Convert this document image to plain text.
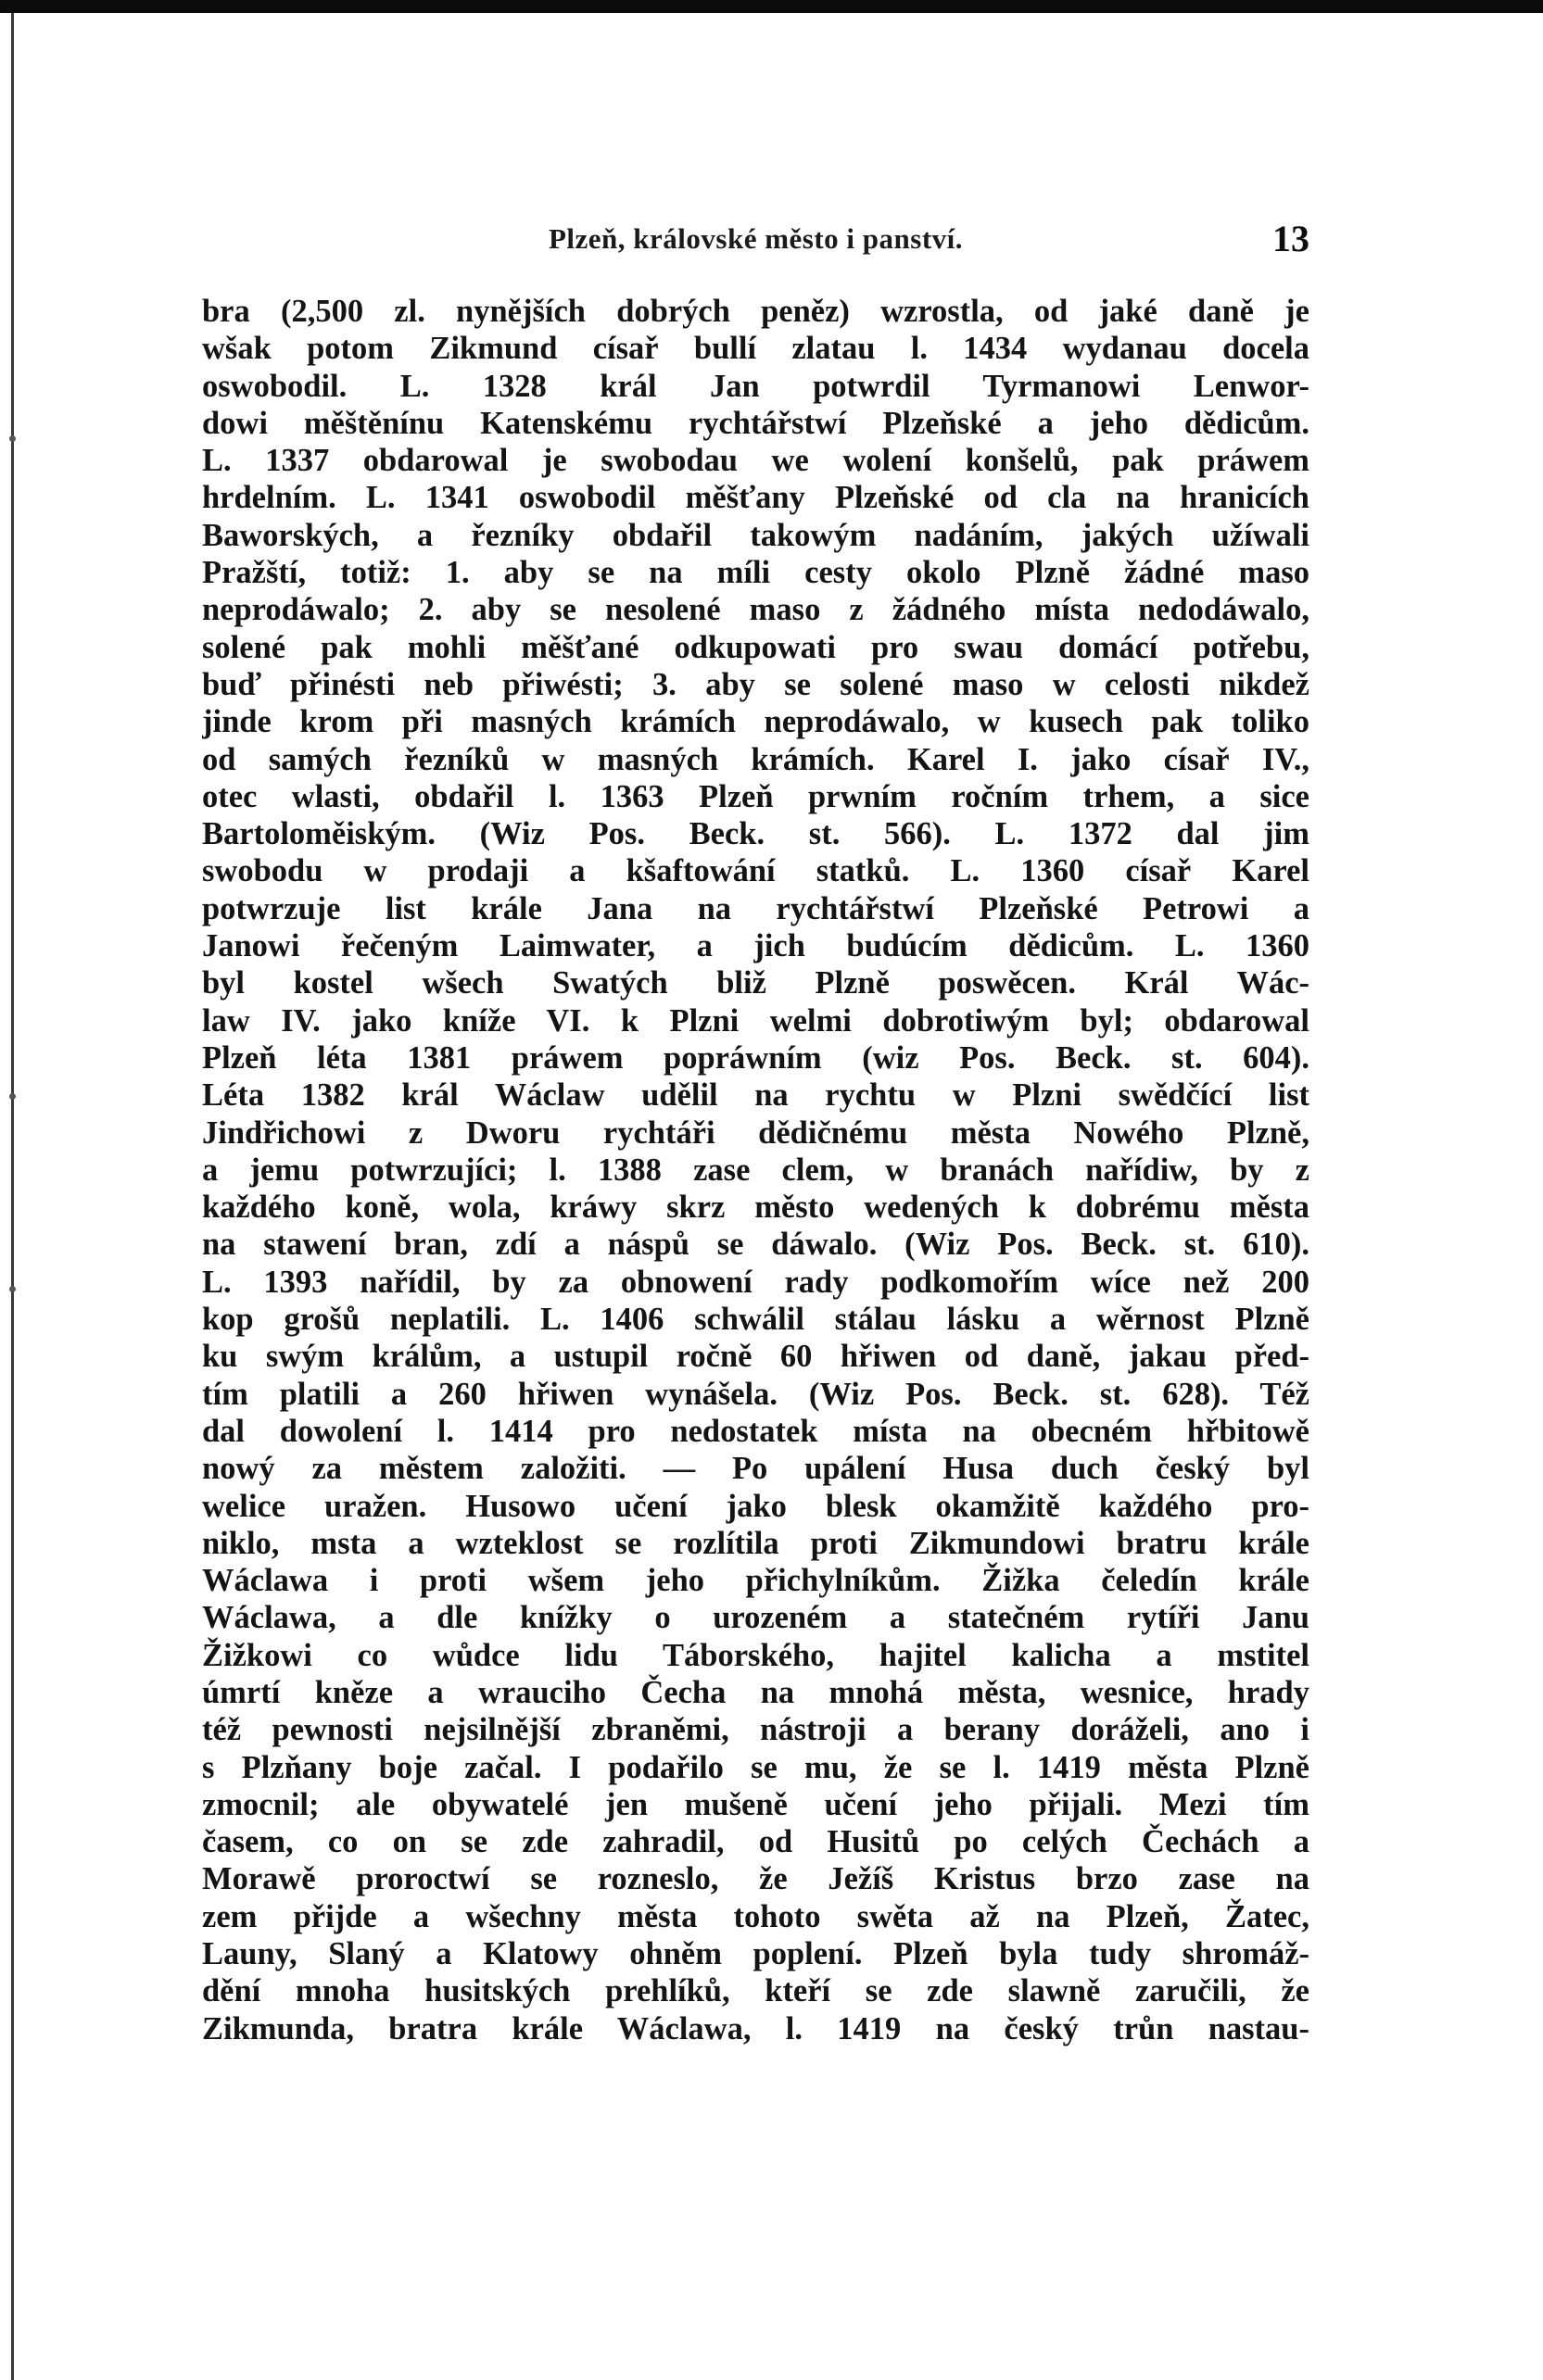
Plzeň, královské město i panství.	13
bra (2,500 zl. nynějších dobrých peněz) wzrostla, od jaké daně je
wšak potom Zikmund císař bullí zlatau l. 1434 wydanau docela
oswobodil. L. 1328 král Jan potwrdil Tyrmanowi Lenwor-
dowi měštěnínu Katenskému rychtářstwí Plzeňské a jeho dědicům.
L. 1337 obdarowal je swobodau we wolení konšelů, pak práwem
hrdelním. L. 1341 oswobodil měšťany Plzeňské od cla na hranicích
Baworských, a řezníky obdařil takowým nadáním, jakých užíwali
Pražští, totiž: 1. aby se na míli cesty okolo Plzně žádné maso
neprodáwalo; 2. aby se nesolené maso z žádného místa nedodáwalo,
solené pak mohli měšťané odkupowati pro swau domácí potřebu,
buď přinésti neb přiwésti; 3. aby se solené maso w celosti nikdež
jinde krom při masných krámích neprodáwalo, w kusech pak toliko
od samých řezníků w masných krámích. Karel I. jako císař IV.,
otec wlasti, obdařil l. 1363 Plzeň prwním ročním trhem, a sice
Bartoloměiským. (Wiz Pos. Beck. st. 566). L. 1372 dal jim
swobodu w prodaji a kšaftowání statků. L. 1360 císař Karel
potwrzuje list krále Jana na rychtářstwí Plzeňské Petrowi a
Janowi řečeným Laimwater, a jich budúcím dědicům. L. 1360
byl kostel wšech Swatých bliž Plzně poswěcen. Král Wác-
law IV. jako kníže VI. k Plzni welmi dobrotiwým byl; obdarowal
Plzeň léta 1381 práwem popráwním (wiz Pos. Beck. st. 604).
Léta 1382 král Wáclaw udělil na rychtu w Plzni swědčící list
Jindřichowi z Dworu rychtáři dědičnému města Nowého Plzně,
a jemu potwrzujíci; l. 1388 zase clem, w branách nařídiw, by z
každého koně, wola, kráwy skrz město wedených k dobrému města
na stawení bran, zdí a náspů se dáwalo. (Wiz Pos. Beck. st. 610).
L. 1393 nařídil, by za obnowení rady podkomořím wíce než 200
kop grošů neplatili. L. 1406 schwálil stálau lásku a wěrnost Plzně
ku swým králům, a ustupil ročně 60 hřiwen od daně, jakau před-
tím platili a 260 hřiwen wynášela. (Wiz Pos. Beck. st. 628). Též
dal dowolení l. 1414 pro nedostatek místa na obecném hřbitowě
nowý za městem založiti. — Po upálení Husa duch český byl
welice uražen. Husowo učení jako blesk okamžitě každého pro-
niklo, msta a wzteklost se rozlítila proti Zikmundowi bratru krále
Wáclawa i proti wšem jeho přichylníkům. Žižka čeledín krále
Wáclawa, a dle knížky o urozeném a statečném rytíři Janu
Žižkowi co wůdce lidu Táborského, hajitel kalicha a mstitel
úmrtí kněze a wrauciho Čecha na mnohá města, wesnice, hrady
též pewnosti nejsilnější zbraněmi, nástroji a berany doráželi, ano i
s Plzňany boje začal. I podařilo se mu, že se l. 1419 města Plzně
zmocnil; ale obywatelé jen mušeně učení jeho přijali. Mezi tím
časem, co on se zde zahradil, od Husitů po celých Čechách a
Morawě proroctwí se rozneslo, že Ježíš Kristus brzo zase na
zem přijde a wšechny města tohoto swěta až na Plzeň, Žatec,
Launy, Slaný a Klatowy ohněm poplení. Plzeň byla tudy shromáž-
dění mnoha husitských prehlíků, kteří se zde slawně zaručili, že
Zikmunda, bratra krále Wáclawa, l. 1419 na český trůn nastau-
